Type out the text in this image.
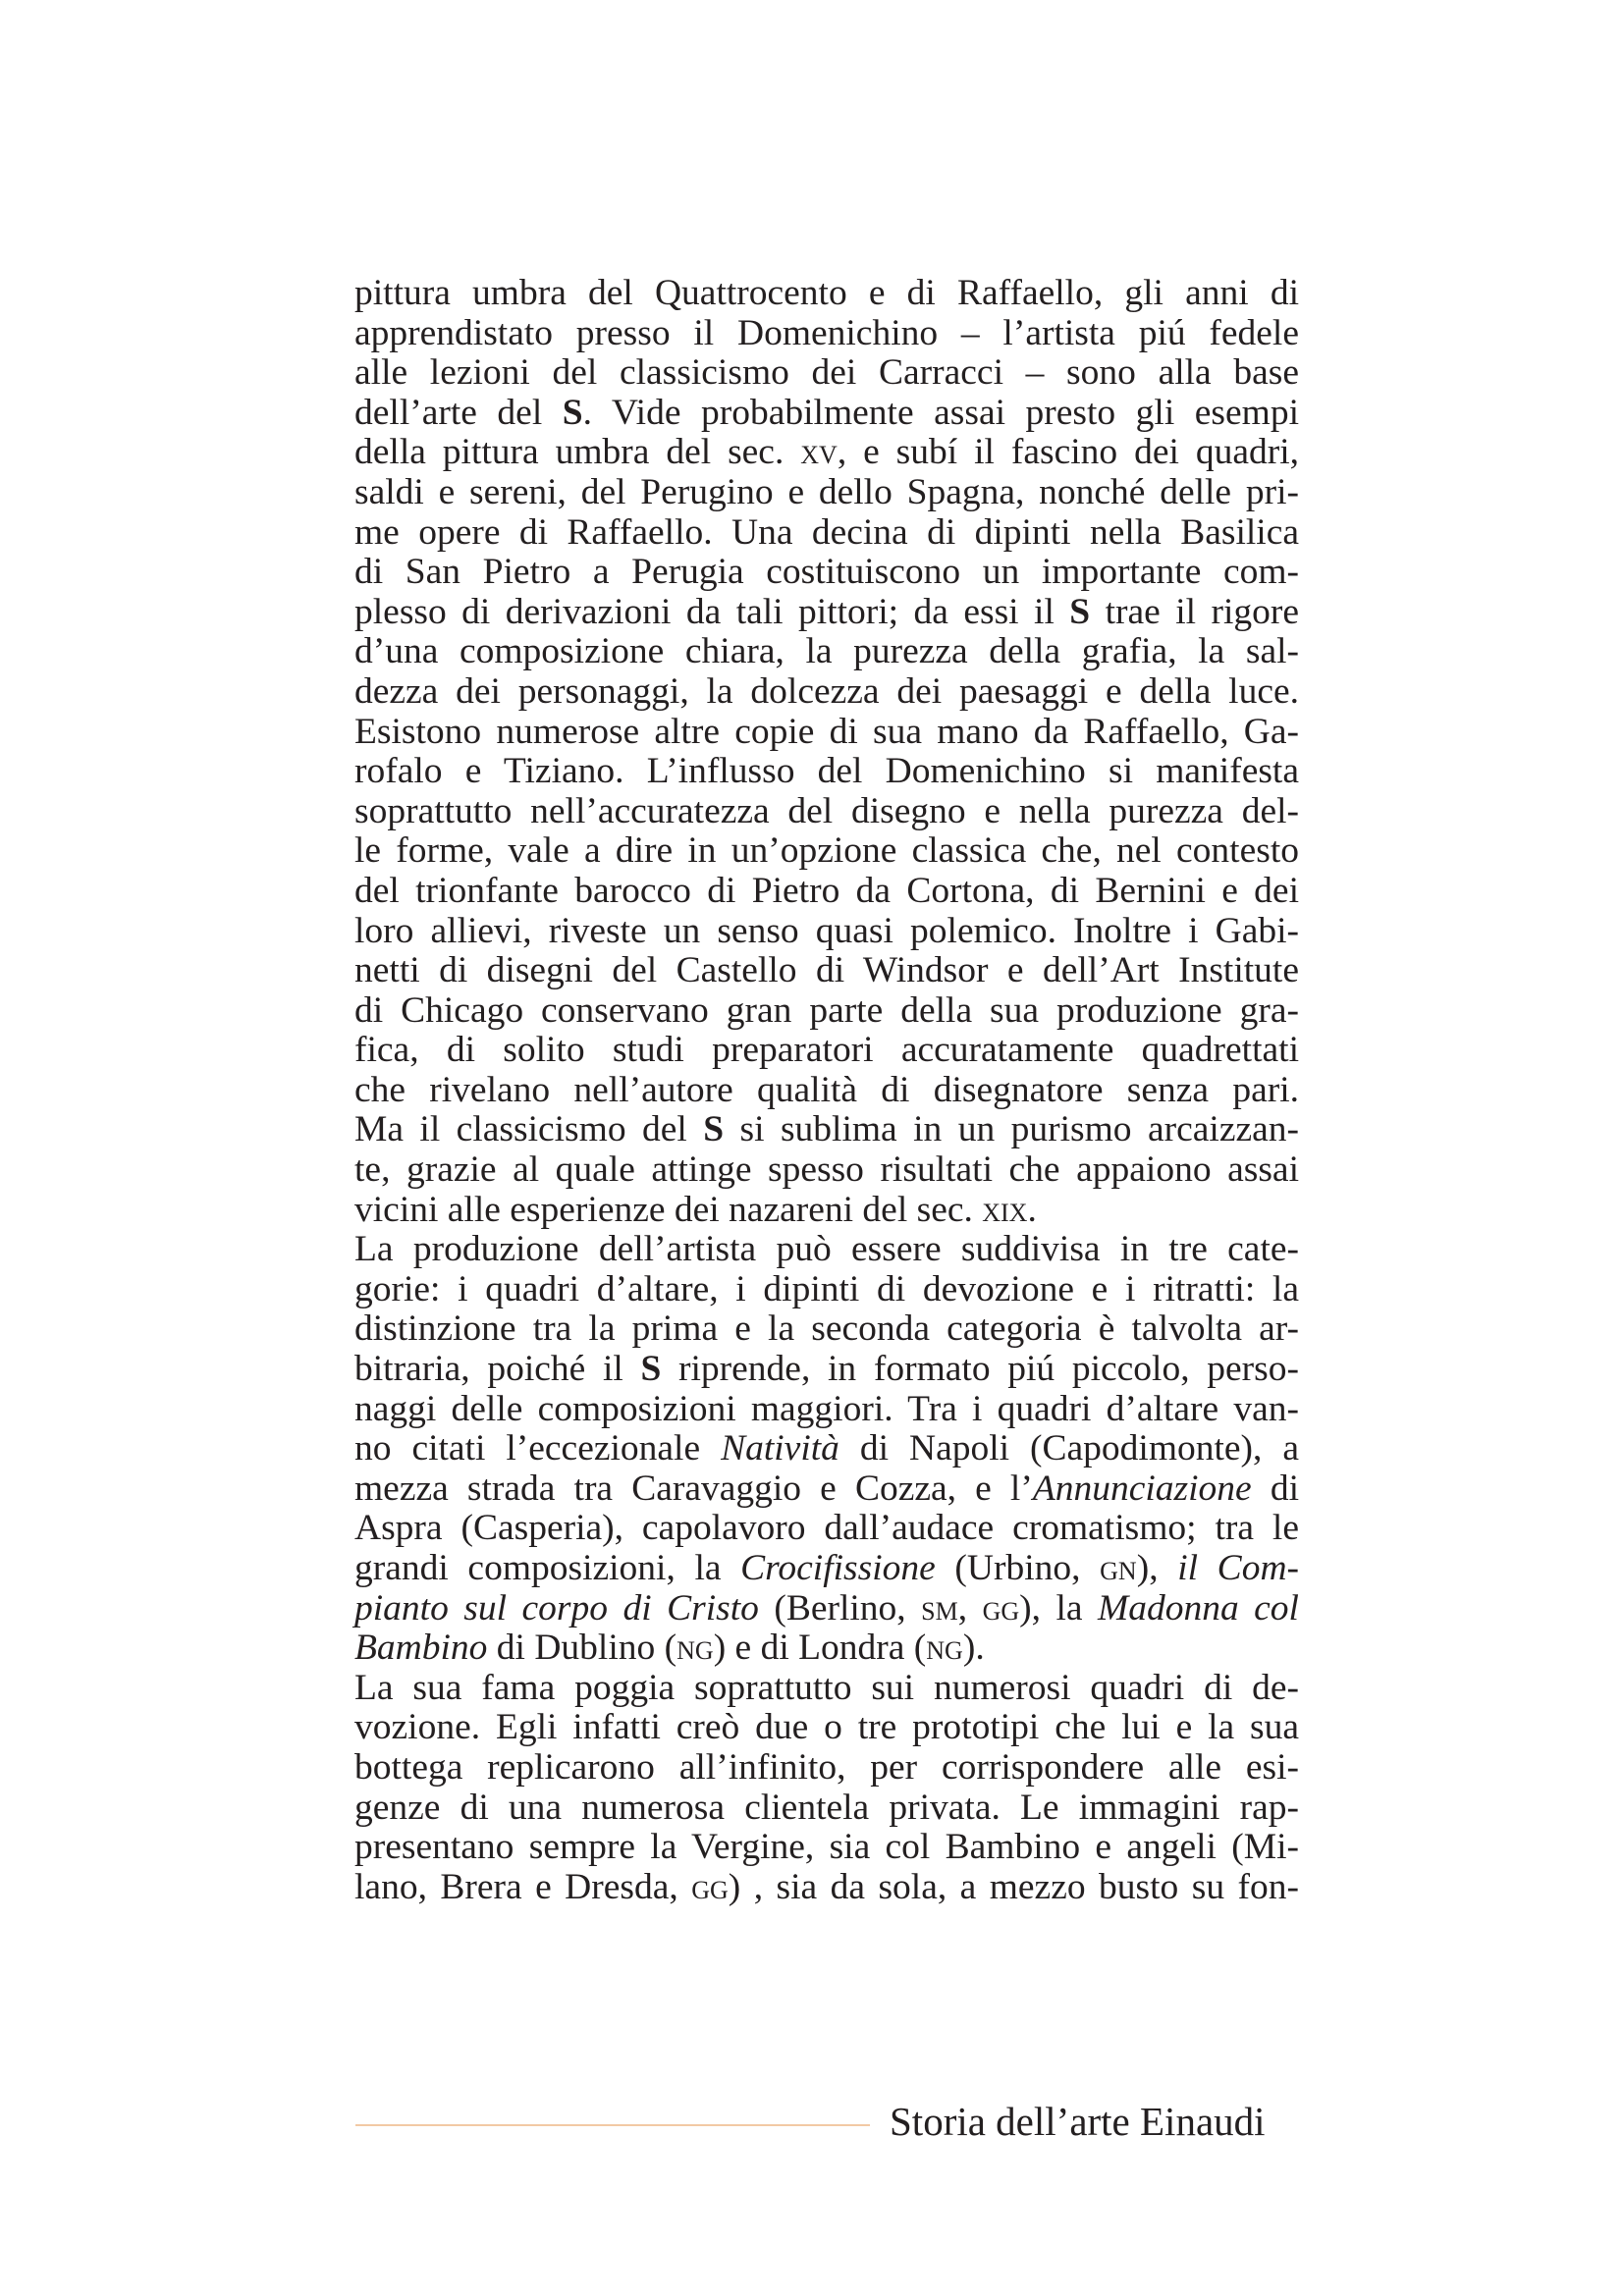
pittura umbra del Quattrocento e di Raffaello, gli anni di
apprendistato presso il Domenichino – l’artista piú fedele
alle lezioni del classicismo dei Carracci – sono alla base
dell’arte del S. Vide probabilmente assai presto gli esempi
della pittura umbra del sec. xv, e subí il fascino dei quadri,
saldi e sereni, del Perugino e dello Spagna, nonché delle pri-
me opere di Raffaello. Una decina di dipinti nella Basilica
di San Pietro a Perugia costituiscono un importante com-
plesso di derivazioni da tali pittori; da essi il S trae il rigore
d’una composizione chiara, la purezza della grafia, la sal-
dezza dei personaggi, la dolcezza dei paesaggi e della luce.
Esistono numerose altre copie di sua mano da Raffaello, Ga-
rofalo e Tiziano. L’influsso del Domenichino si manifesta
soprattutto nell’accuratezza del disegno e nella purezza del-
le forme, vale a dire in un’opzione classica che, nel contesto
del trionfante barocco di Pietro da Cortona, di Bernini e dei
loro allievi, riveste un senso quasi polemico. Inoltre i Gabi-
netti di disegni del Castello di Windsor e dell’Art Institute
di Chicago conservano gran parte della sua produzione gra-
fica, di solito studi preparatori accuratamente quadrettati
che rivelano nell’autore qualità di disegnatore senza pari.
Ma il classicismo del S si sublima in un purismo arcaizzan-
te, grazie al quale attinge spesso risultati che appaiono assai
vicini alle esperienze dei nazareni del sec. xix.
La produzione dell’artista può essere suddivisa in tre cate-
gorie: i quadri d’altare, i dipinti di devozione e i ritratti: la
distinzione tra la prima e la seconda categoria è talvolta ar-
bitraria, poiché il S riprende, in formato piú piccolo, perso-
naggi delle composizioni maggiori. Tra i quadri d’altare van-
no citati l’eccezionale Natività di Napoli (Capodimonte), a
mezza strada tra Caravaggio e Cozza, e l’Annunciazione di
Aspra (Casperia), capolavoro dall’audace cromatismo; tra le
grandi composizioni, la Crocifissione (Urbino, gn), il Com-
pianto sul corpo di Cristo (Berlino, sm, gg), la Madonna col
Bambino di Dublino (ng) e di Londra (ng).
La sua fama poggia soprattutto sui numerosi quadri di de-
vozione. Egli infatti creò due o tre prototipi che lui e la sua
bottega replicarono all’infinito, per corrispondere alle esi-
genze di una numerosa clientela privata. Le immagini rap-
presentano sempre la Vergine, sia col Bambino e angeli (Mi-
lano, Brera e Dresda, gg) , sia da sola, a mezzo busto su fon-
Storia dell’arte Einaudi
